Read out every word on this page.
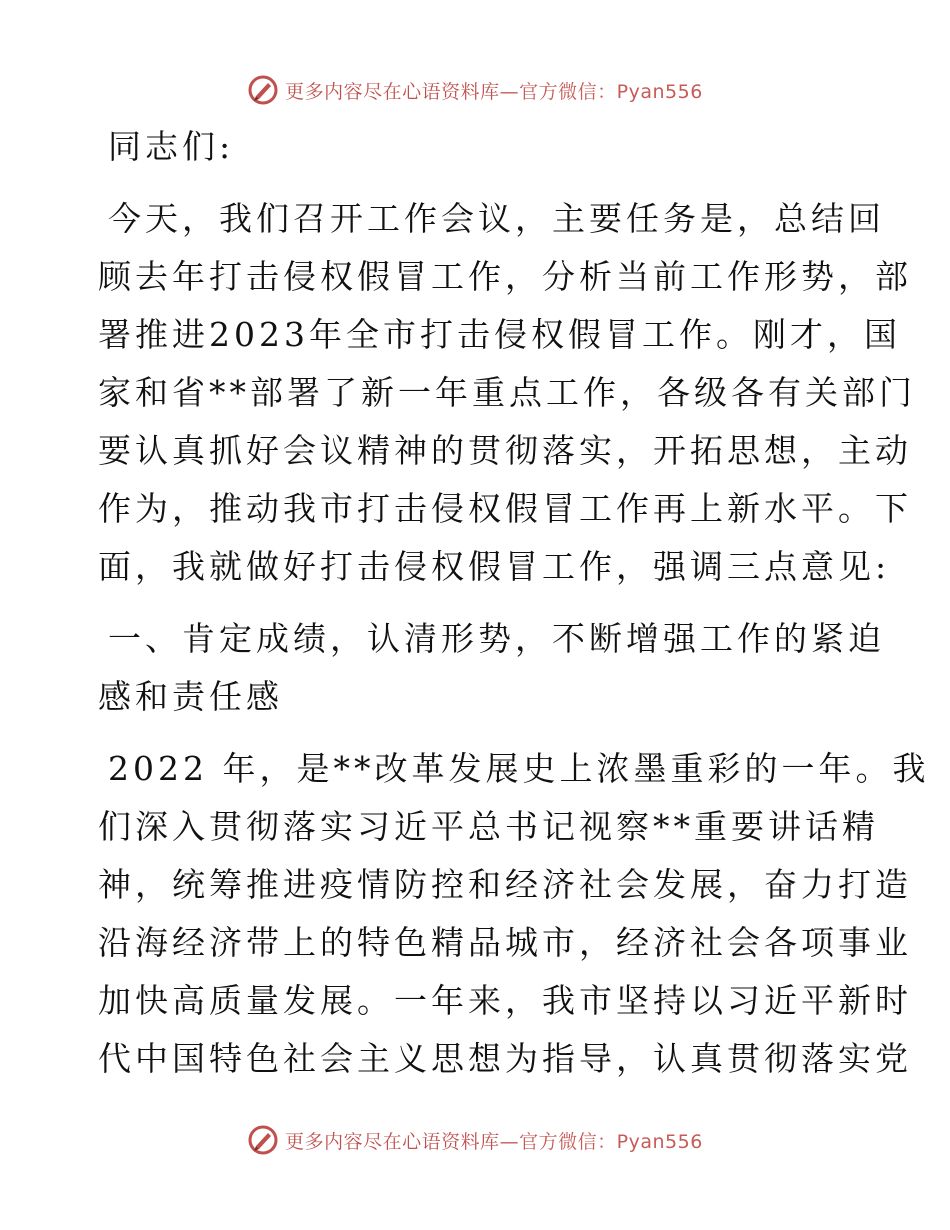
更多内容尽在心语资料库—官方微信：Pyan556
同志们:
今天，我们召开工作会议，主要任务是，总结回
顾去年打击侵权假冒工作，分析当前工作形势，部
署推进2023年全市打击侵权假冒工作。刚才，国
家和省**部署了新一年重点工作，各级各有关部门
要认真抓好会议精神的贯彻落实，开拓思想，主动
作为，推动我市打击侵权假冒工作再上新水平。下
面，我就做好打击侵权假冒工作，强调三点意见:
一、肯定成绩，认清形势，不断增强工作的紧迫
感和责任感
2022 年，是**改革发展史上浓墨重彩的一年。我
们深入贯彻落实习近平总书记视察**重要讲话精
神，统筹推进疫情防控和经济社会发展，奋力打造
沿海经济带上的特色精品城市，经济社会各项事业
加快高质量发展。一年来，我市坚持以习近平新时
代中国特色社会主义思想为指导，认真贯彻落实党
更多内容尽在心语资料库—官方微信：Pyan556
